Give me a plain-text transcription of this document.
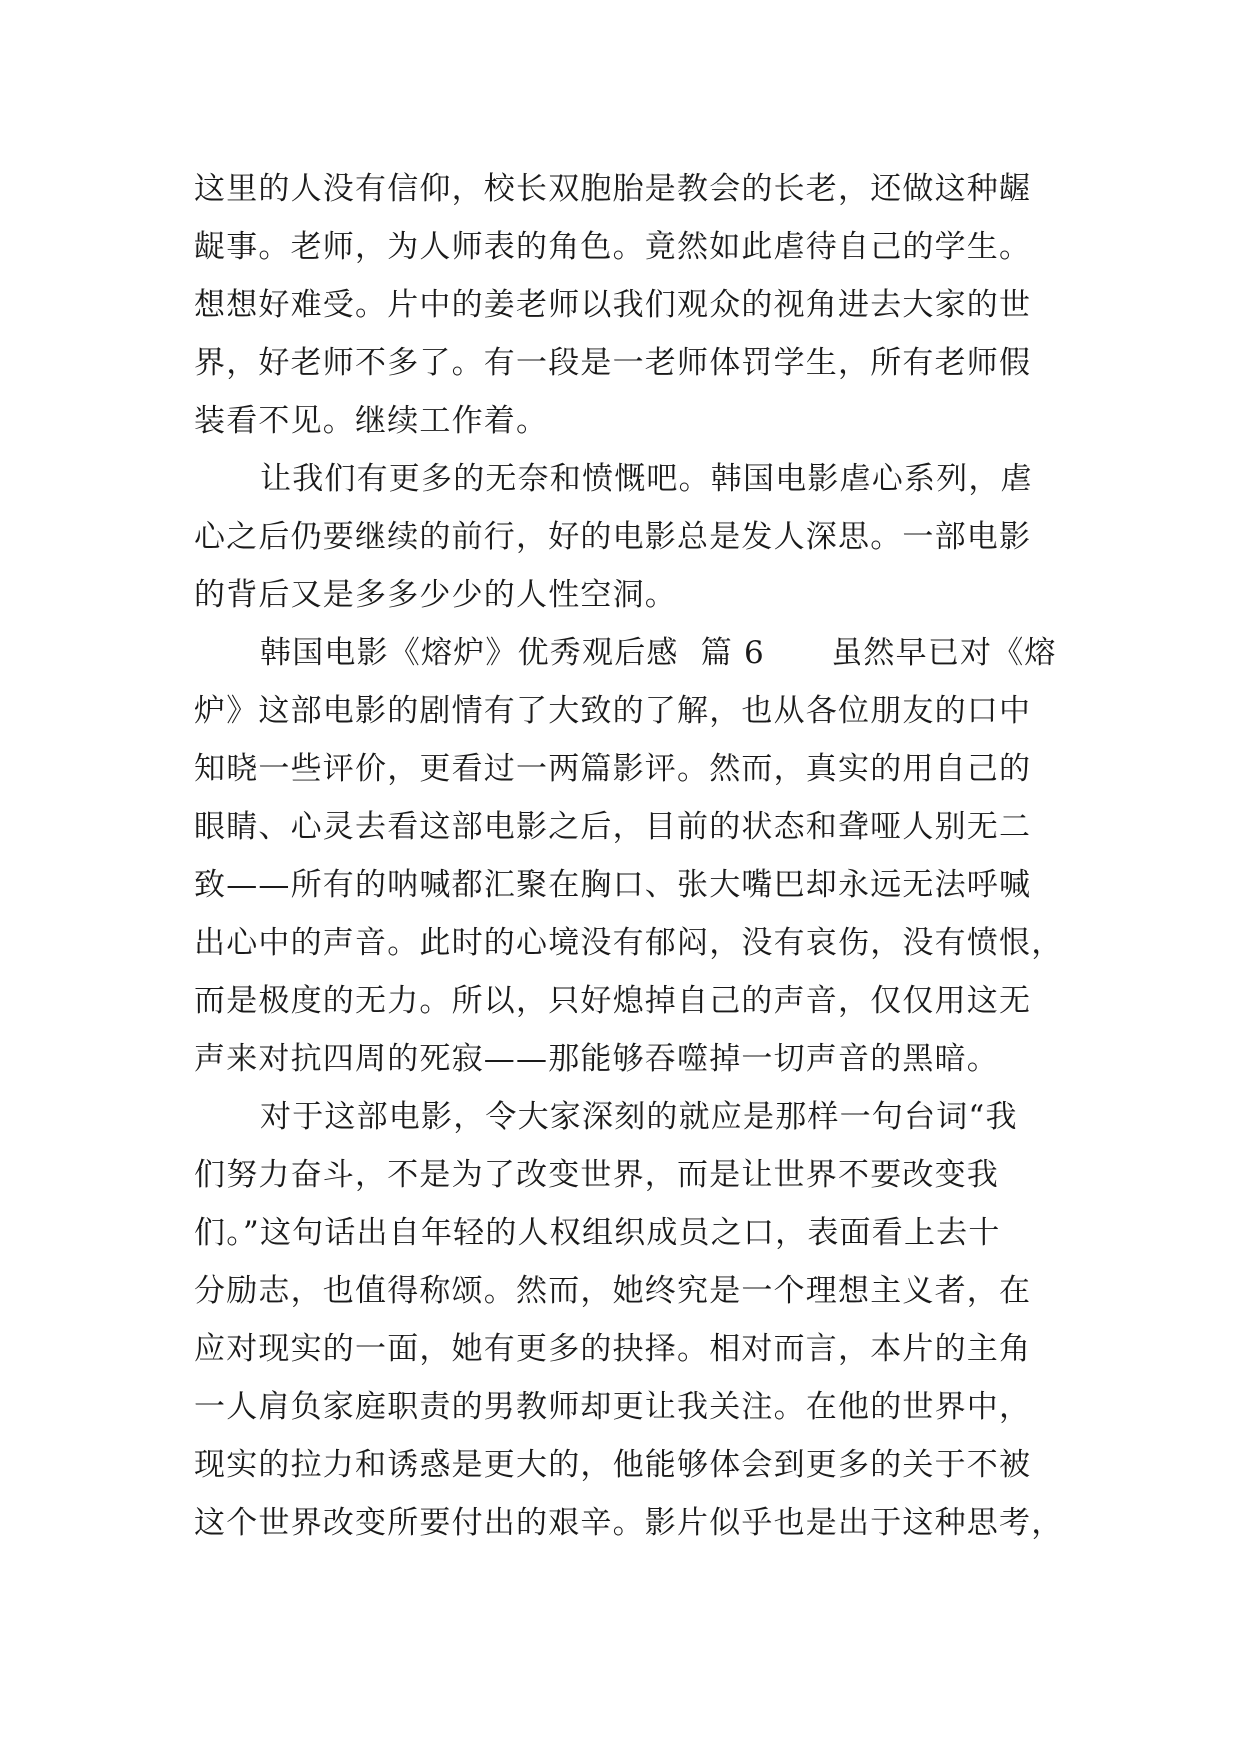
这里的人没有信仰，校长双胞胎是教会的长老，还做这种龌
龊事。老师，为人师表的角色。竟然如此虐待自己的学生。
想想好难受。片中的姜老师以我们观众的视角进去大家的世
界，好老师不多了。有一段是一老师体罚学生，所有老师假
装看不见。继续工作着。
让我们有更多的无奈和愤慨吧。韩国电影虐心系列，虐
心之后仍要继续的前行，好的电影总是发人深思。一部电影
的背后又是多多少少的人性空洞。
韩国电影《熔炉》优秀观后感  篇 6      虽然早已对《熔
炉》这部电影的剧情有了大致的了解，也从各位朋友的口中
知晓一些评价，更看过一两篇影评。然而，真实的用自己的
眼睛、心灵去看这部电影之后，目前的状态和聋哑人别无二
致——所有的呐喊都汇聚在胸口、张大嘴巴却永远无法呼喊
出心中的声音。此时的心境没有郁闷，没有哀伤，没有愤恨，
而是极度的无力。所以，只好熄掉自己的声音，仅仅用这无
声来对抗四周的死寂——那能够吞噬掉一切声音的黑暗。
对于这部电影，令大家深刻的就应是那样一句台词“我
们努力奋斗，不是为了改变世界，而是让世界不要改变我
们。”这句话出自年轻的人权组织成员之口，表面看上去十
分励志，也值得称颂。然而，她终究是一个理想主义者，在
应对现实的一面，她有更多的抉择。相对而言，本片的主角
一人肩负家庭职责的男教师却更让我关注。在他的世界中，
现实的拉力和诱惑是更大的，他能够体会到更多的关于不被
这个世界改变所要付出的艰辛。影片似乎也是出于这种思考，
